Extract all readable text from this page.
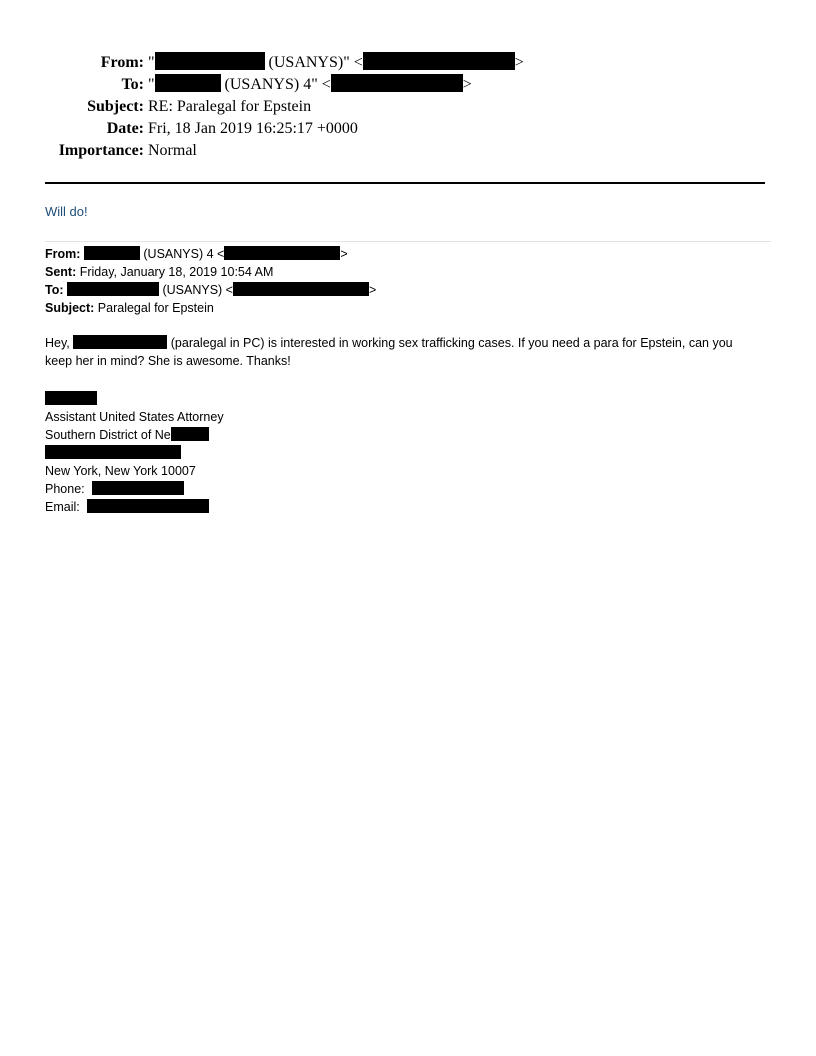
From: "	(USANYS)" <	>
To: "	(USANYS) 4" <	>
Subject: RE: Paralegal for Epstein
Date: Fri, 18 Jan 2019 16:25:17 +0000
Importance: Normal
Will do!
From:	(USANYS) 4 <	>
Sent: Friday, January 18, 2019 10:54 AM
To:	(USANYS) <	>
Subject: Paralegal for Epstein
Hey,	(paralegal in PC) is interested in working sex trafficking cases. If you need a para for Epstein, can you
keep her in mind? She is awesome. Thanks!
Assistant United States Attorney
Southern District of Ne
New York, New York 10007
Phone:
Email:
